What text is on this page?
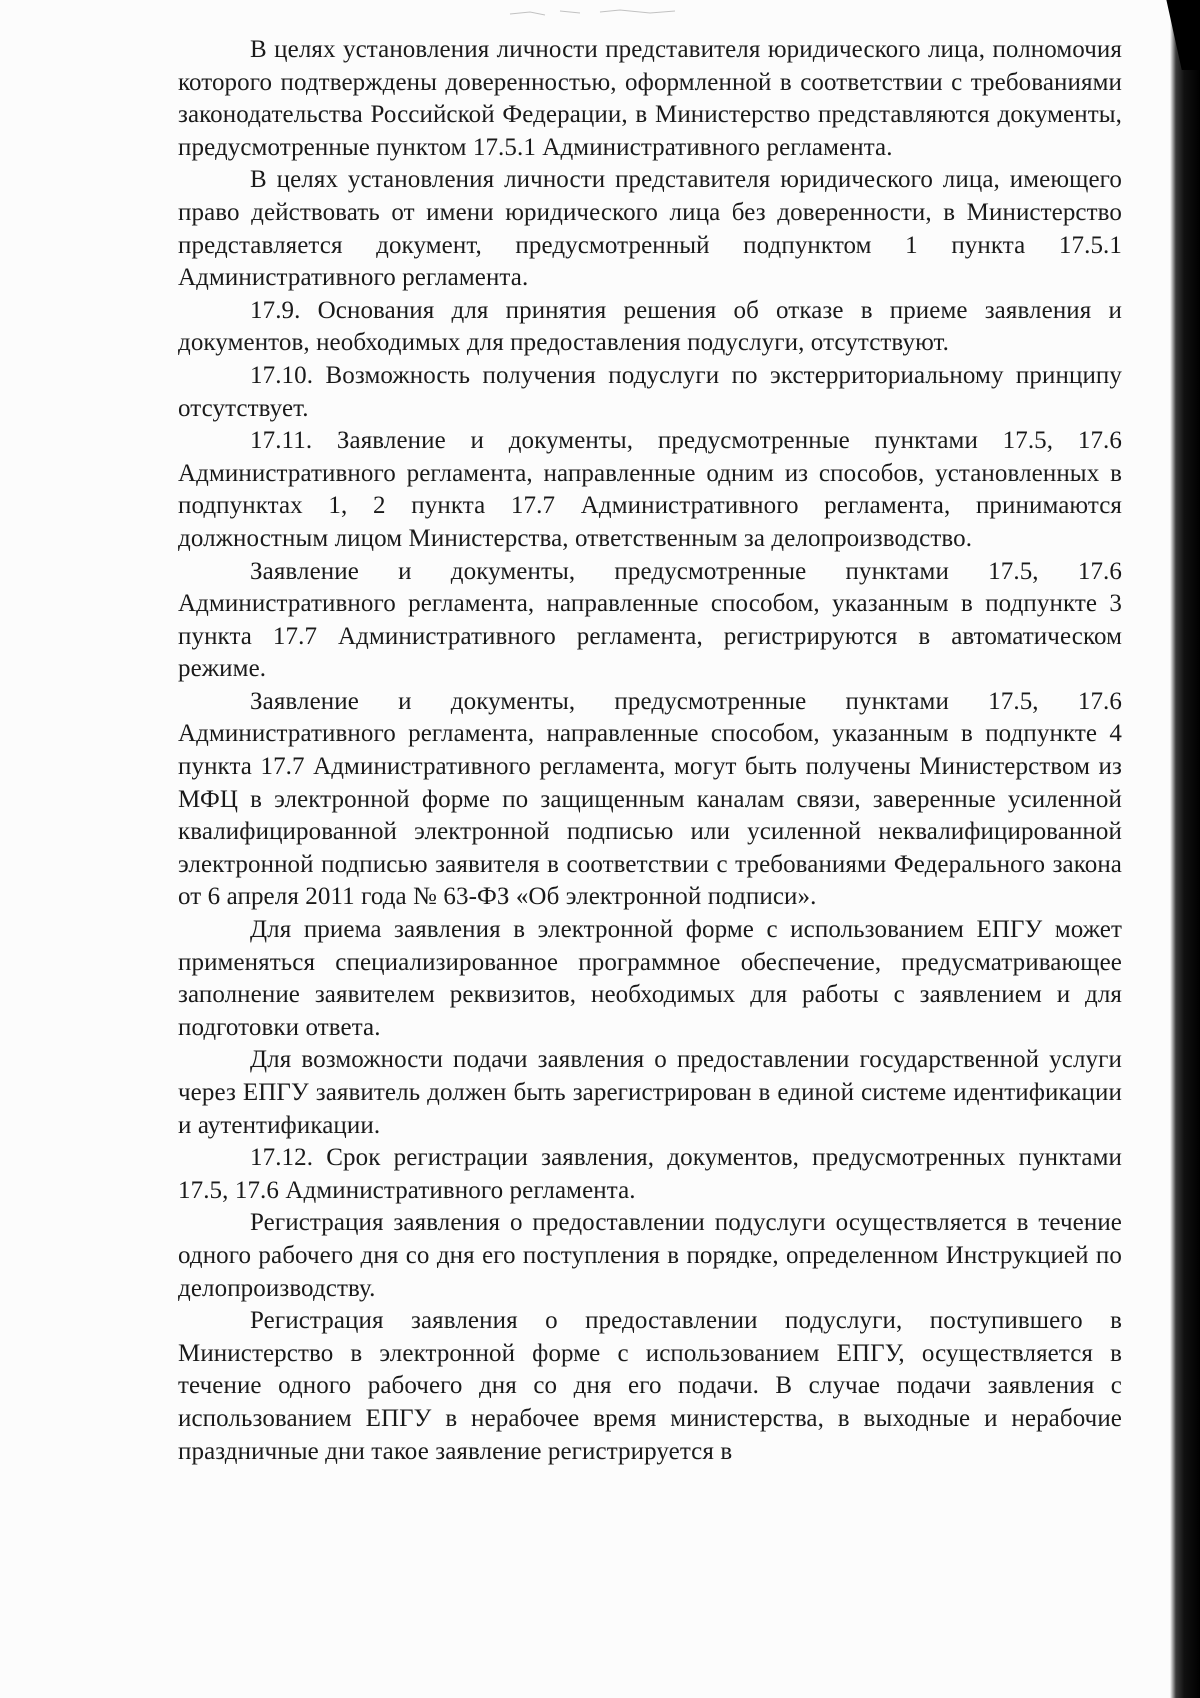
В целях установления личности представителя юридического лица, полномочия которого подтверждены доверенностью, оформленной в соответствии с требованиями законодательства Российской Федерации, в Министерство представляются документы, предусмотренные пунктом 17.5.1 Административного регламента.

В целях установления личности представителя юридического лица, имеющего право действовать от имени юридического лица без доверенности, в Министерство представляется документ, предусмотренный подпунктом 1 пункта 17.5.1 Административного регламента.

17.9. Основания для принятия решения об отказе в приеме заявления и документов, необходимых для предоставления подуслуги, отсутствуют.

17.10. Возможность получения подуслуги по экстерриториальному принципу отсутствует.

17.11. Заявление и документы, предусмотренные пунктами 17.5, 17.6 Административного регламента, направленные одним из способов, установленных в подпунктах 1, 2 пункта 17.7 Административного регламента, принимаются должностным лицом Министерства, ответственным за делопроизводство.

Заявление и документы, предусмотренные пунктами 17.5, 17.6 Административного регламента, направленные способом, указанным в подпункте 3 пункта 17.7 Административного регламента, регистрируются в автоматическом режиме.

Заявление и документы, предусмотренные пунктами 17.5, 17.6 Административного регламента, направленные способом, указанным в подпункте 4 пункта 17.7 Административного регламента, могут быть получены Министерством из МФЦ в электронной форме по защищенным каналам связи, заверенные усиленной квалифицированной электронной подписью или усиленной неквалифицированной электронной подписью заявителя в соответствии с требованиями Федерального закона от 6 апреля 2011 года № 63-ФЗ «Об электронной подписи».

Для приема заявления в электронной форме с использованием ЕПГУ может применяться специализированное программное обеспечение, предусматривающее заполнение заявителем реквизитов, необходимых для работы с заявлением и для подготовки ответа.

Для возможности подачи заявления о предоставлении государственной услуги через ЕПГУ заявитель должен быть зарегистрирован в единой системе идентификации и аутентификации.

17.12. Срок регистрации заявления, документов, предусмотренных пунктами 17.5, 17.6 Административного регламента.

Регистрация заявления о предоставлении подуслуги осуществляется в течение одного рабочего дня со дня его поступления в порядке, определенном Инструкцией по делопроизводству.

Регистрация заявления о предоставлении подуслуги, поступившего в Министерство в электронной форме с использованием ЕПГУ, осуществляется в течение одного рабочего дня со дня его подачи. В случае подачи заявления с использованием ЕПГУ в нерабочее время министерства, в выходные и нерабочие праздничные дни такое заявление регистрируется в
